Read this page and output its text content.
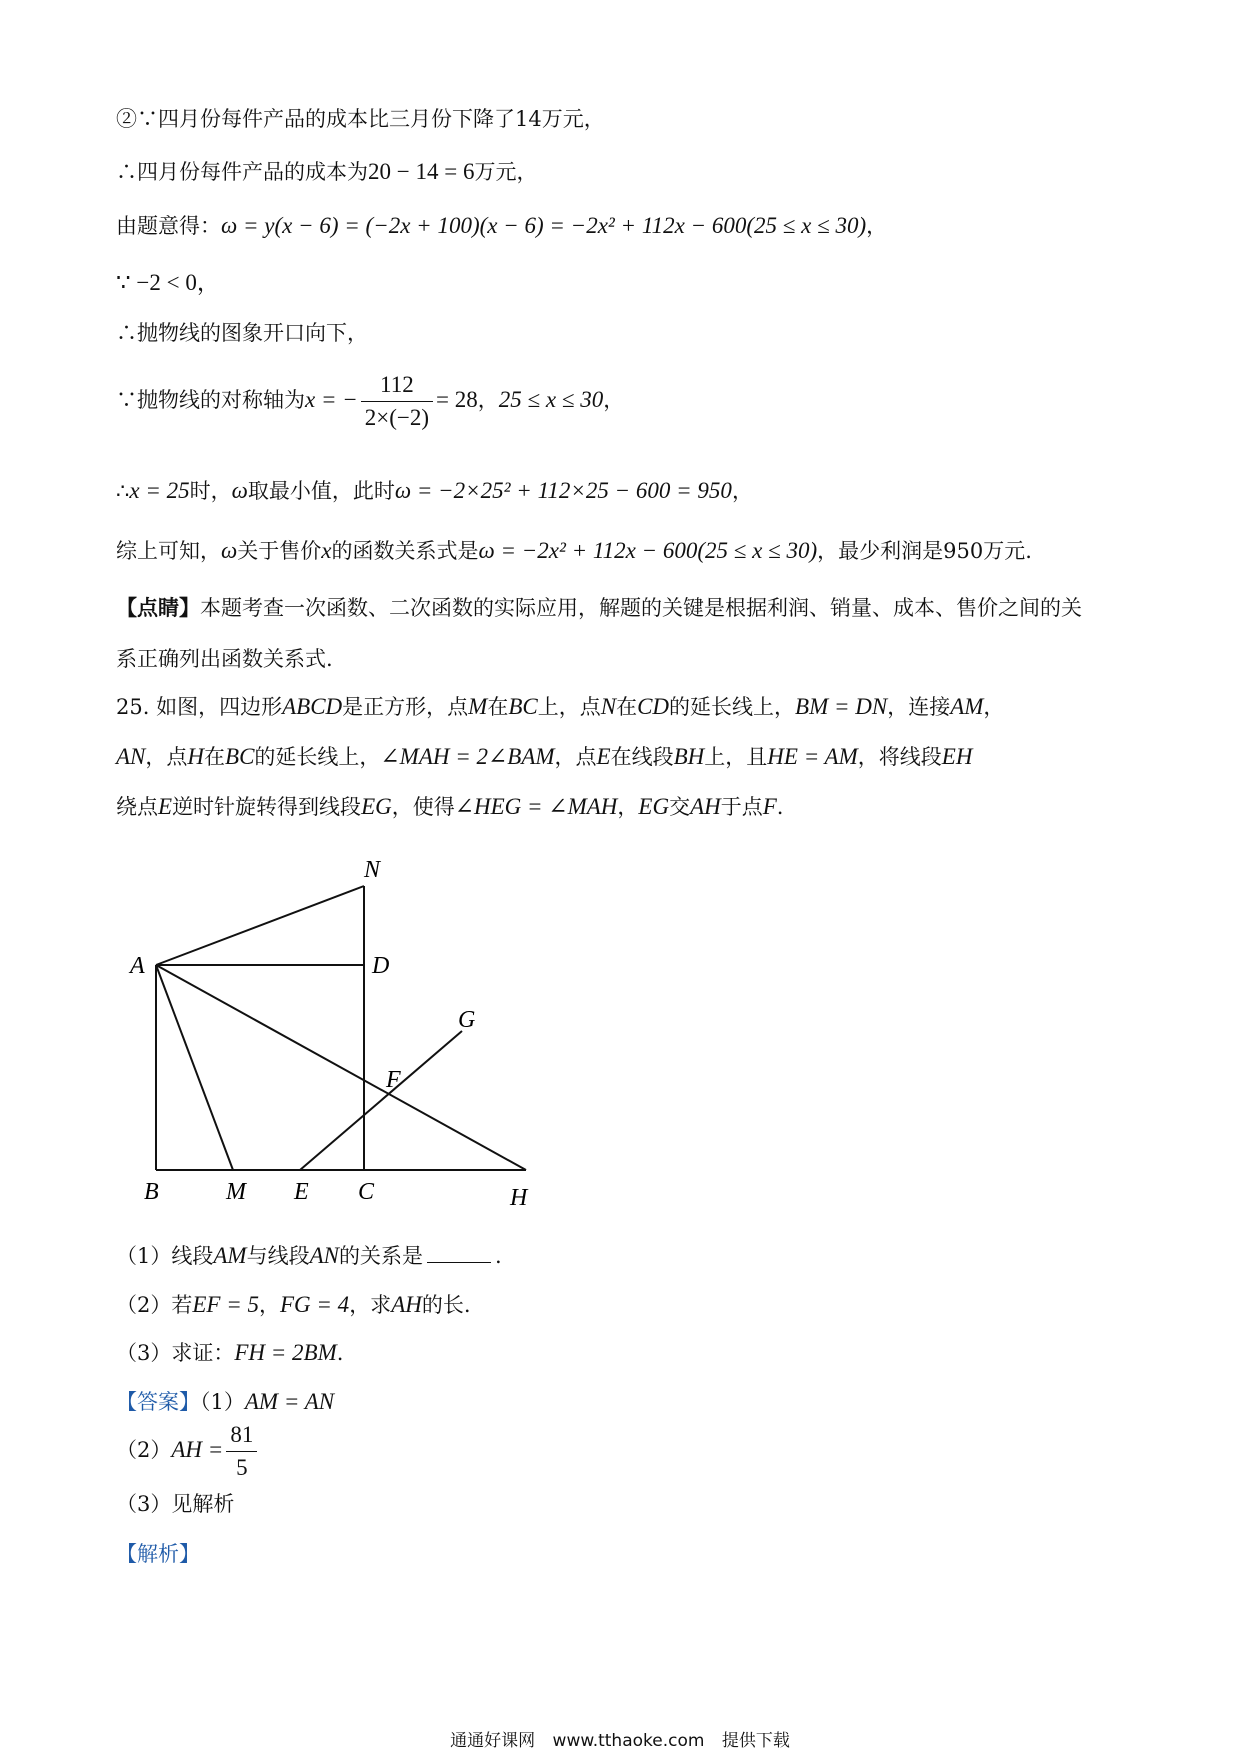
②∵四月份每件产品的成本比三月份下降了14万元，
∴四月份每件产品的成本为20 − 14 = 6万元，
由题意得：ω = y(x − 6) = (−2x + 100)(x − 6) = −2x² + 112x − 600(25 ≤ x ≤ 30)，
∵ −2 < 0，
∴抛物线的图象开口向下，
∵抛物线的对称轴为x = − $\frac{112}{2\times(-2)} = 28$，25 ≤ x ≤ 30，
∴x = 25时，ω取最小值，此时ω = −2×25² + 112×25 − 600 = 950，
综上可知，ω关于售价x的函数关系式是ω = −2x² + 112x − 600(25 ≤ x ≤ 30)，最少利润是950万元.
【点睛】本题考查一次函数、二次函数的实际应用，解题的关键是根据利润、销量、成本、售价之间的关
系正确列出函数关系式.
25. 如图，四边形ABCD是正方形，点M在BC上，点N在CD的延长线上，BM = DN，连接AM，
AN，点H在BC的延长线上，∠MAH = 2∠BAM，点E在线段BH上，且HE = AM，将线段EH
绕点E逆时针旋转得到线段EG，使得∠HEG = ∠MAH，EG交AH于点F.
N
A	D
G
F
B	M E C	H
（1）线段AM与线段AN的关系是	.
（2）若EF = 5，FG = 4，求AH的长.
（3）求证：FH = 2BM.
【答案】（1）AM = AN
$(2)AH = \frac{81}{5}$
（3）见解析
【解析】
通通好课网 www.tthaoke.com 提供下载
